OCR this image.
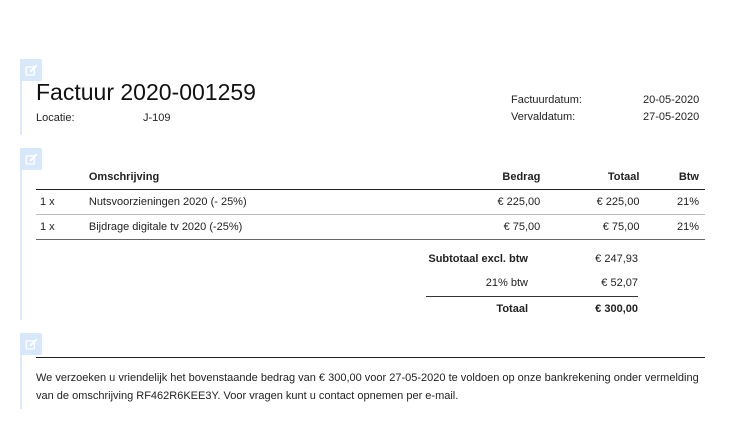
Factuur 2020-001259
Locatie:	J-109
Factuurdatum:	20-05-2020
Vervaldatum:	27-05-2020
	Omschrijving	Bedrag	Totaal	Btw
1 x	Nutsvoorzieningen 2020 (- 25%)	€ 225,00	€ 225,00	21%
1 x	Bijdrage digitale tv 2020 (-25%)	€ 75,00	€ 75,00	21%
Subtotaal excl. btw	€ 247,93
21% btw	€ 52,07
Totaal	€ 300,00
We verzoeken u vriendelijk het bovenstaande bedrag van € 300,00 voor 27-05-2020 te voldoen op onze bankrekening onder vermelding van de omschrijving RF462R6KEE3Y. Voor vragen kunt u contact opnemen per e-mail.
